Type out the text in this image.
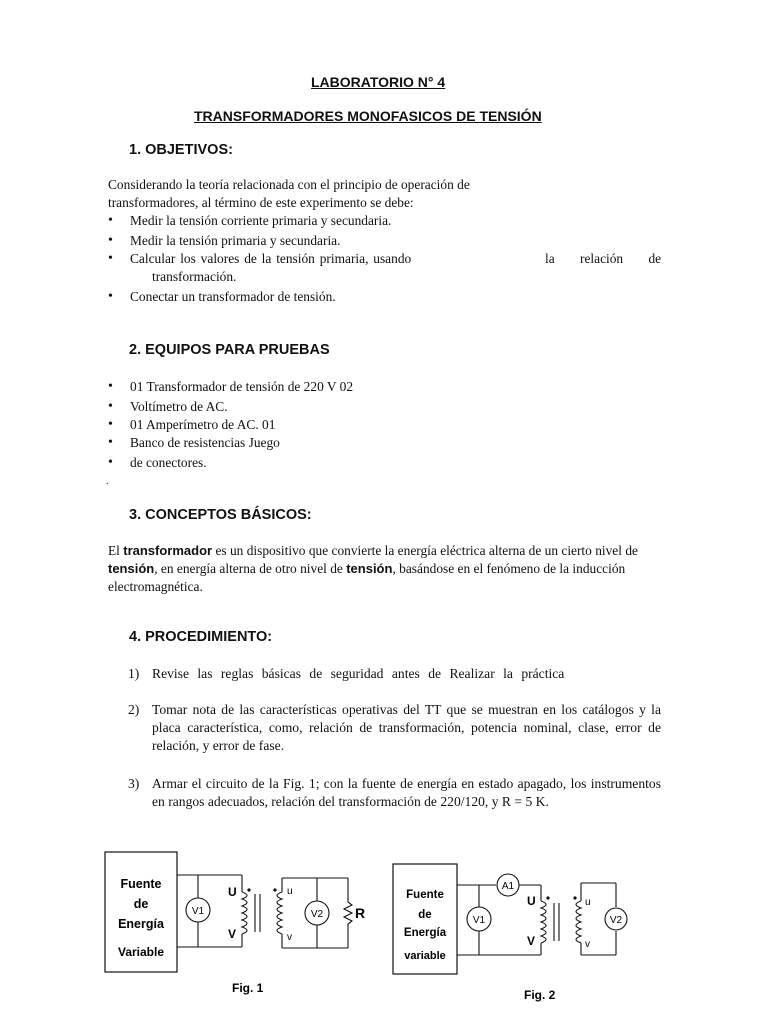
LABORATORIO N° 4
TRANSFORMADORES MONOFASICOS DE TENSIÓN
1. OBJETIVOS:
Considerando la teoría relacionada con el principio de operación de
transformadores, al término de este experimento se debe:
• Medir la tensión corriente primaria y secundaria.
• Medir la tensión primaria y secundaria.
• Calcular los valores de la tensión primaria, usando	la relación de
transformación.
• Conectar un transformador de tensión.
2. EQUIPOS PARA PRUEBAS
• 01 Transformador de tensión de 220 V 02
• Voltímetro de AC.
• 01 Amperímetro de AC. 01
• Banco de resistencias Juego
• de conectores.
.
3. CONCEPTOS BÁSICOS:
El transformador es un dispositivo que convierte la energía eléctrica alterna de un cierto nivel de
tensión, en energía alterna de otro nivel de tensión, basándose en el fenómeno de la inducción
electromagnética.
4. PROCEDIMIENTO:
1) Revise las reglas básicas de seguridad antes de Realizar la práctica
2) Tomar nota de las características operativas del TT que se muestran en los catálogos y la placa característica, como, relación de transformación, potencia nominal, clase, error de relación, y error de fase.
3) Armar el circuito de la Fig. 1; con la fuente de energía en estado apagado, los instrumentos en rangos adecuados, relación del transformación de 220/120, y R = 5 K.
Fuente
de
Energía
Variable
V1
U
V
u
v
V2 R
Fig. 1
Fuente
de
Energía
variable
A1
V1
U
V
u
v
V2
Fig. 2
